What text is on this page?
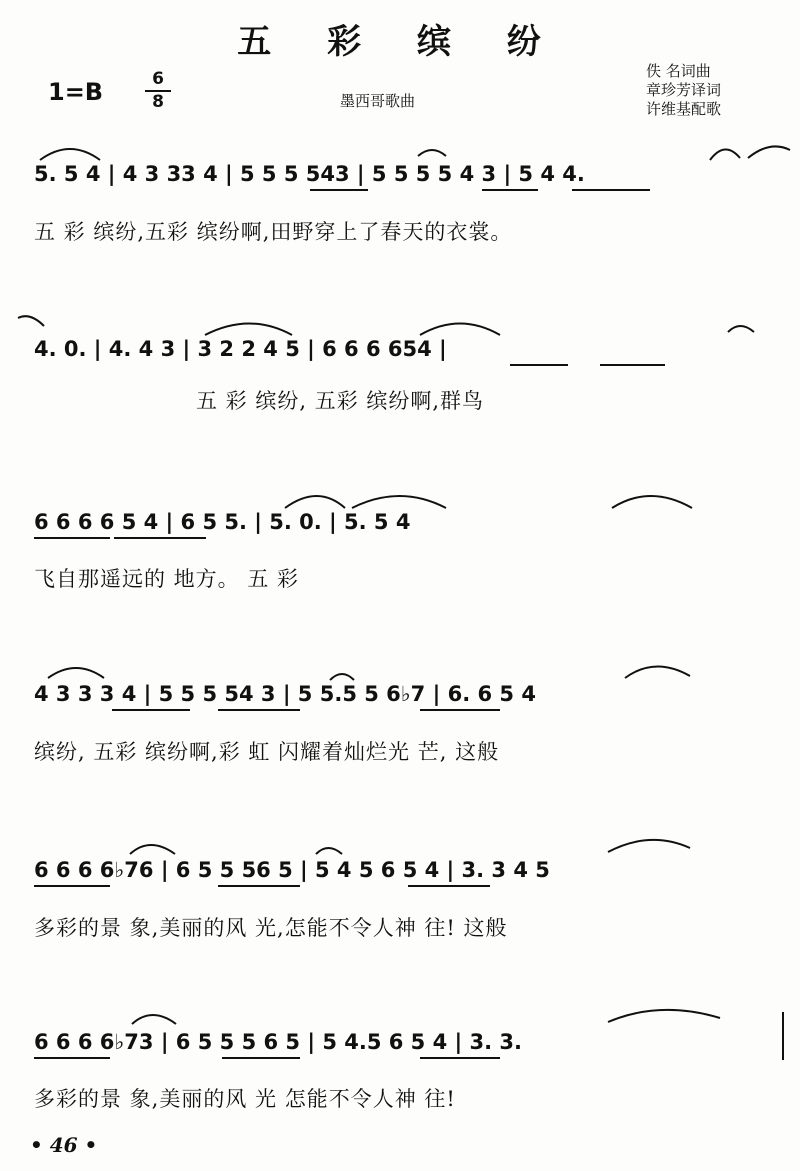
五 彩 缤 纷
1=B	6
8	墨西哥歌曲
佚 名词曲
章珍芳译词
许维基配歌
5. 5 4 | 4 3 33 4 | 5 5 5 543 | 5 5 5 5 4 3 | 5 4 4.
五 彩 缤纷,五彩 缤纷啊,田野穿上了春天的衣裳。
4. 0. | 4. 4 3 | 3 2 2 4 5 | 6 6 6 654 |
五 彩 缤纷, 五彩 缤纷啊,群鸟
6 6 6 6 5 4 | 6 5 5. | 5. 0. | 5. 5 4
飞自那遥远的 地方。 五 彩
4 3 3 3 4 | 5 5 5 54 3 | 5 5.5 5 6♭7 | 6. 6 5 4
缤纷, 五彩 缤纷啊,彩 虹 闪耀着灿烂光 芒, 这般
6 6 6 6♭76 | 6 5 5 56 5 | 5 4 5 6 5 4 | 3. 3 4 5
多彩的景 象,美丽的风 光,怎能不令人神 往! 这般
6 6 6 6♭73 | 6 5 5 5 6 5 | 5 4.5 6 5 4 | 3. 3.
多彩的景 象,美丽的风 光 怎能不令人神 往!
• 46 •
